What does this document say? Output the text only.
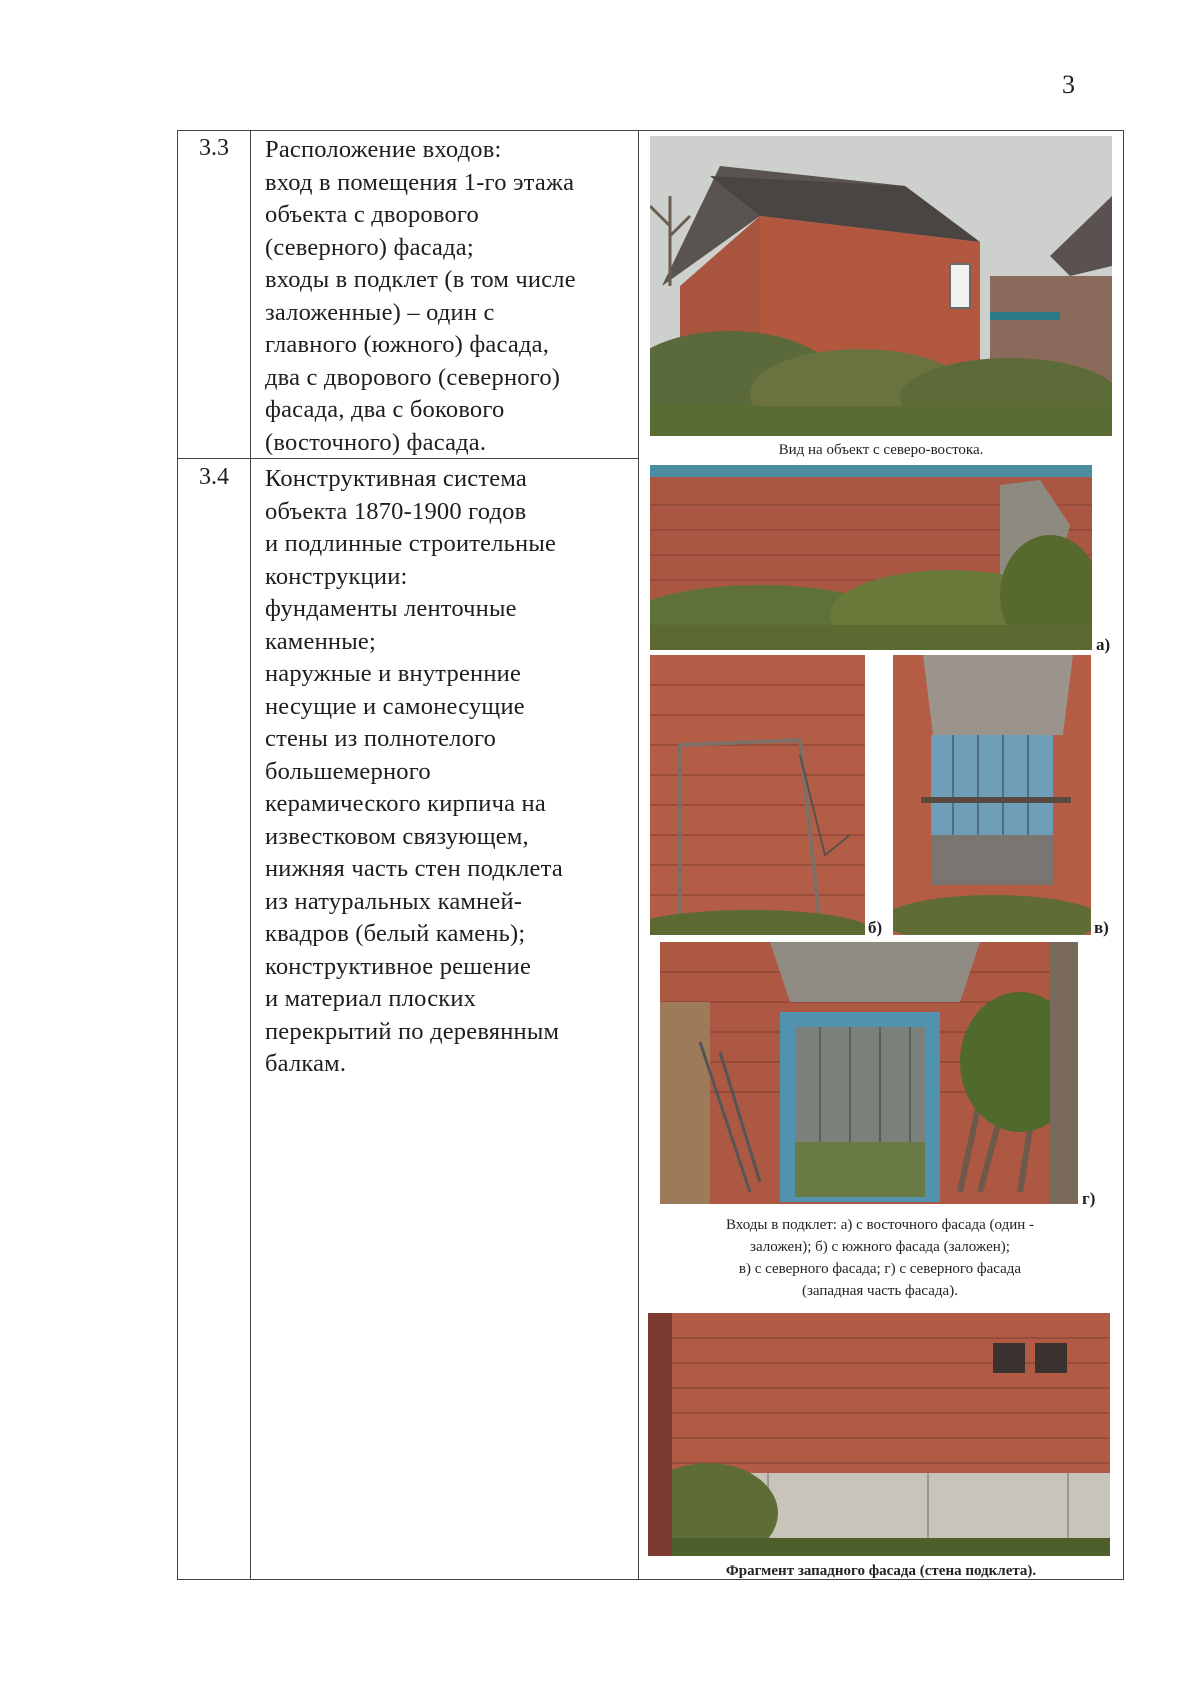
3
3.3	Расположение входов:
вход в помещения 1-го этажа
объекта с дворового
(северного) фасада;
входы в подклет (в том числе
заложенные) – один с
главного (южного) фасада,
два с дворового (северного)
фасада, два с бокового
(восточного) фасада.
3.4	Конструктивная система
объекта 1870-1900 годов
и подлинные строительные
конструкции:
фундаменты ленточные
каменные;
наружные и внутренние
несущие и самонесущие
стены из полнотелого
большемерного
керамического кирпича на
известковом связующем,
нижняя часть стен подклета
из натуральных камней-
квадров (белый камень);
конструктивное решение
и материал плоских
перекрытий по деревянным
балкам.
Вид на объект с северо-востока.
а)
б)	в)
г)
Входы в подклет: а) с восточного фасада (один -
заложен); б) с южного фасада (заложен);
в) с северного фасада; г) с северного фасада
(западная часть фасада).
Фрагмент западного фасада (стена подклета).
